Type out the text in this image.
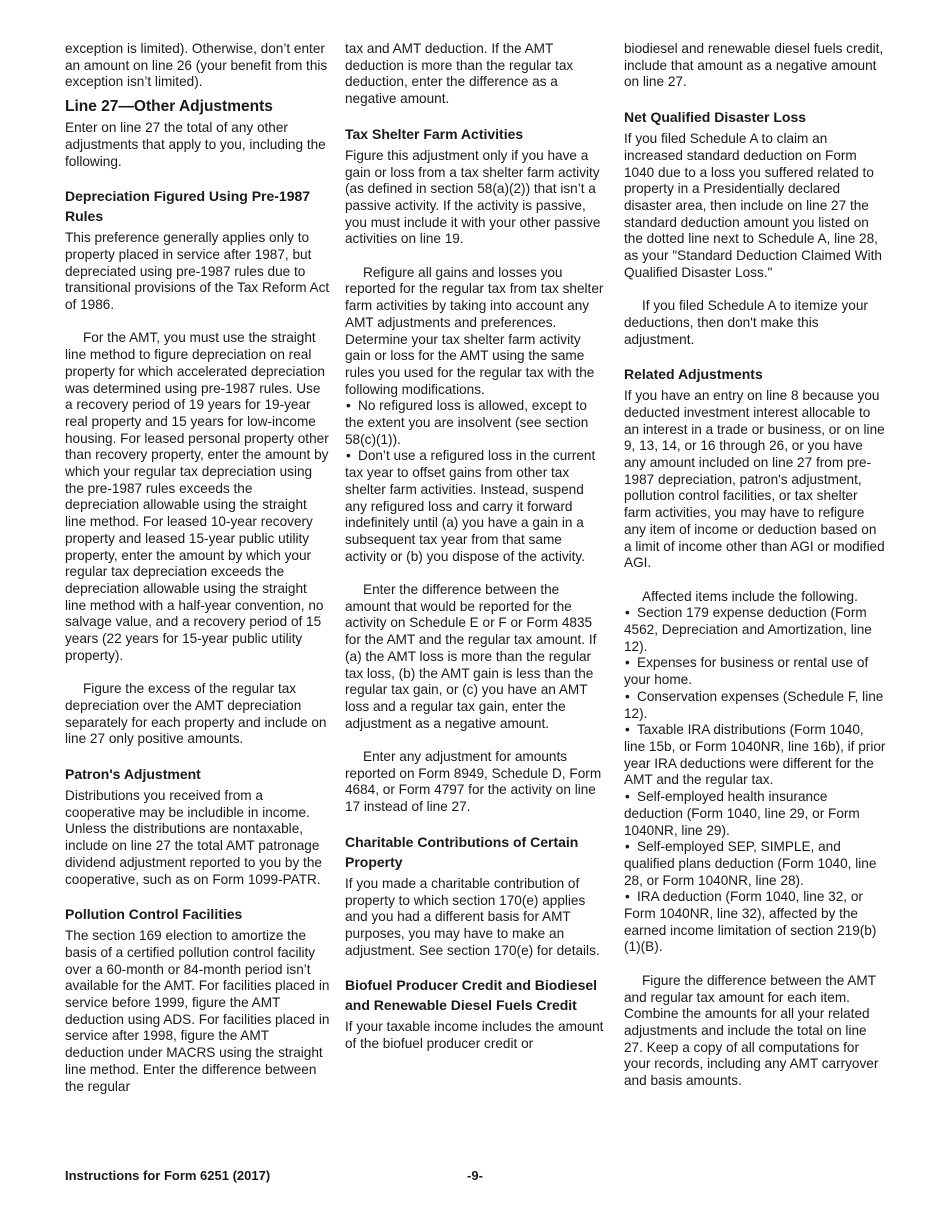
exception is limited). Otherwise, don’t enter an amount on line 26 (your benefit from this exception isn’t limited).

Line 27—Other Adjustments

Enter on line 27 the total of any other adjustments that apply to you, including the following.

Depreciation Figured Using Pre-1987 Rules

This preference generally applies only to property placed in service after 1987, but depreciated using pre-1987 rules due to transitional provisions of the Tax Reform Act of 1986.

For the AMT, you must use the straight line method to figure depreciation on real property for which accelerated depreciation was determined using pre-1987 rules. Use a recovery period of 19 years for 19-year real property and 15 years for low-income housing. For leased personal property other than recovery property, enter the amount by which your regular tax depreciation using the pre-1987 rules exceeds the depreciation allowable using the straight line method. For leased 10-year recovery property and leased 15-year public utility property, enter the amount by which your regular tax depreciation exceeds the depreciation allowable using the straight line method with a half-year convention, no salvage value, and a recovery period of 15 years (22 years for 15-year public utility property).

Figure the excess of the regular tax depreciation over the AMT depreciation separately for each property and include on line 27 only positive amounts.

Patron's Adjustment

Distributions you received from a cooperative may be includible in income. Unless the distributions are nontaxable, include on line 27 the total AMT patronage dividend adjustment reported to you by the cooperative, such as on Form 1099-PATR.

Pollution Control Facilities

The section 169 election to amortize the basis of a certified pollution control facility over a 60-month or 84-month period isn’t available for the AMT. For facilities placed in service before 1999, figure the AMT deduction using ADS. For facilities placed in service after 1998, figure the AMT deduction under MACRS using the straight line method. Enter the difference between the regular

tax and AMT deduction. If the AMT deduction is more than the regular tax deduction, enter the difference as a negative amount.

Tax Shelter Farm Activities

Figure this adjustment only if you have a gain or loss from a tax shelter farm activity (as defined in section 58(a)(2)) that isn’t a passive activity. If the activity is passive, you must include it with your other passive activities on line 19.

Refigure all gains and losses you reported for the regular tax from tax shelter farm activities by taking into account any AMT adjustments and preferences. Determine your tax shelter farm activity gain or loss for the AMT using the same rules you used for the regular tax with the following modifications.

• No refigured loss is allowed, except to the extent you are insolvent (see section 58(c)(1)).

• Don’t use a refigured loss in the current tax year to offset gains from other tax shelter farm activities. Instead, suspend any refigured loss and carry it forward indefinitely until (a) you have a gain in a subsequent tax year from that same activity or (b) you dispose of the activity.

Enter the difference between the amount that would be reported for the activity on Schedule E or F or Form 4835 for the AMT and the regular tax amount. If (a) the AMT loss is more than the regular tax loss, (b) the AMT gain is less than the regular tax gain, or (c) you have an AMT loss and a regular tax gain, enter the adjustment as a negative amount.

Enter any adjustment for amounts reported on Form 8949, Schedule D, Form 4684, or Form 4797 for the activity on line 17 instead of line 27.

Charitable Contributions of Certain Property

If you made a charitable contribution of property to which section 170(e) applies and you had a different basis for AMT purposes, you may have to make an adjustment. See section 170(e) for details.

Biofuel Producer Credit and Biodiesel and Renewable Diesel Fuels Credit

If your taxable income includes the amount of the biofuel producer credit or

biodiesel and renewable diesel fuels credit, include that amount as a negative amount on line 27.

Net Qualified Disaster Loss

If you filed Schedule A to claim an increased standard deduction on Form 1040 due to a loss you suffered related to property in a Presidentially declared disaster area, then include on line 27 the standard deduction amount you listed on the dotted line next to Schedule A, line 28, as your "Standard Deduction Claimed With Qualified Disaster Loss."

If you filed Schedule A to itemize your deductions, then don't make this adjustment.

Related Adjustments

If you have an entry on line 8 because you deducted investment interest allocable to an interest in a trade or business, or on line 9, 13, 14, or 16 through 26, or you have any amount included on line 27 from pre-1987 depreciation, patron's adjustment, pollution control facilities, or tax shelter farm activities, you may have to refigure any item of income or deduction based on a limit of income other than AGI or modified AGI.

Affected items include the following.

• Section 179 expense deduction (Form 4562, Depreciation and Amortization, line 12).

• Expenses for business or rental use of your home.

• Conservation expenses (Schedule F, line 12).

• Taxable IRA distributions (Form 1040, line 15b, or Form 1040NR, line 16b), if prior year IRA deductions were different for the AMT and the regular tax.

• Self-employed health insurance deduction (Form 1040, line 29, or Form 1040NR, line 29).

• Self-employed SEP, SIMPLE, and qualified plans deduction (Form 1040, line 28, or Form 1040NR, line 28).

• IRA deduction (Form 1040, line 32, or Form 1040NR, line 32), affected by the earned income limitation of section 219(b)(1)(B).

Figure the difference between the AMT and regular tax amount for each item. Combine the amounts for all your related adjustments and include the total on line 27. Keep a copy of all computations for your records, including any AMT carryover and basis amounts.

Instructions for Form 6251 (2017)	-9-
